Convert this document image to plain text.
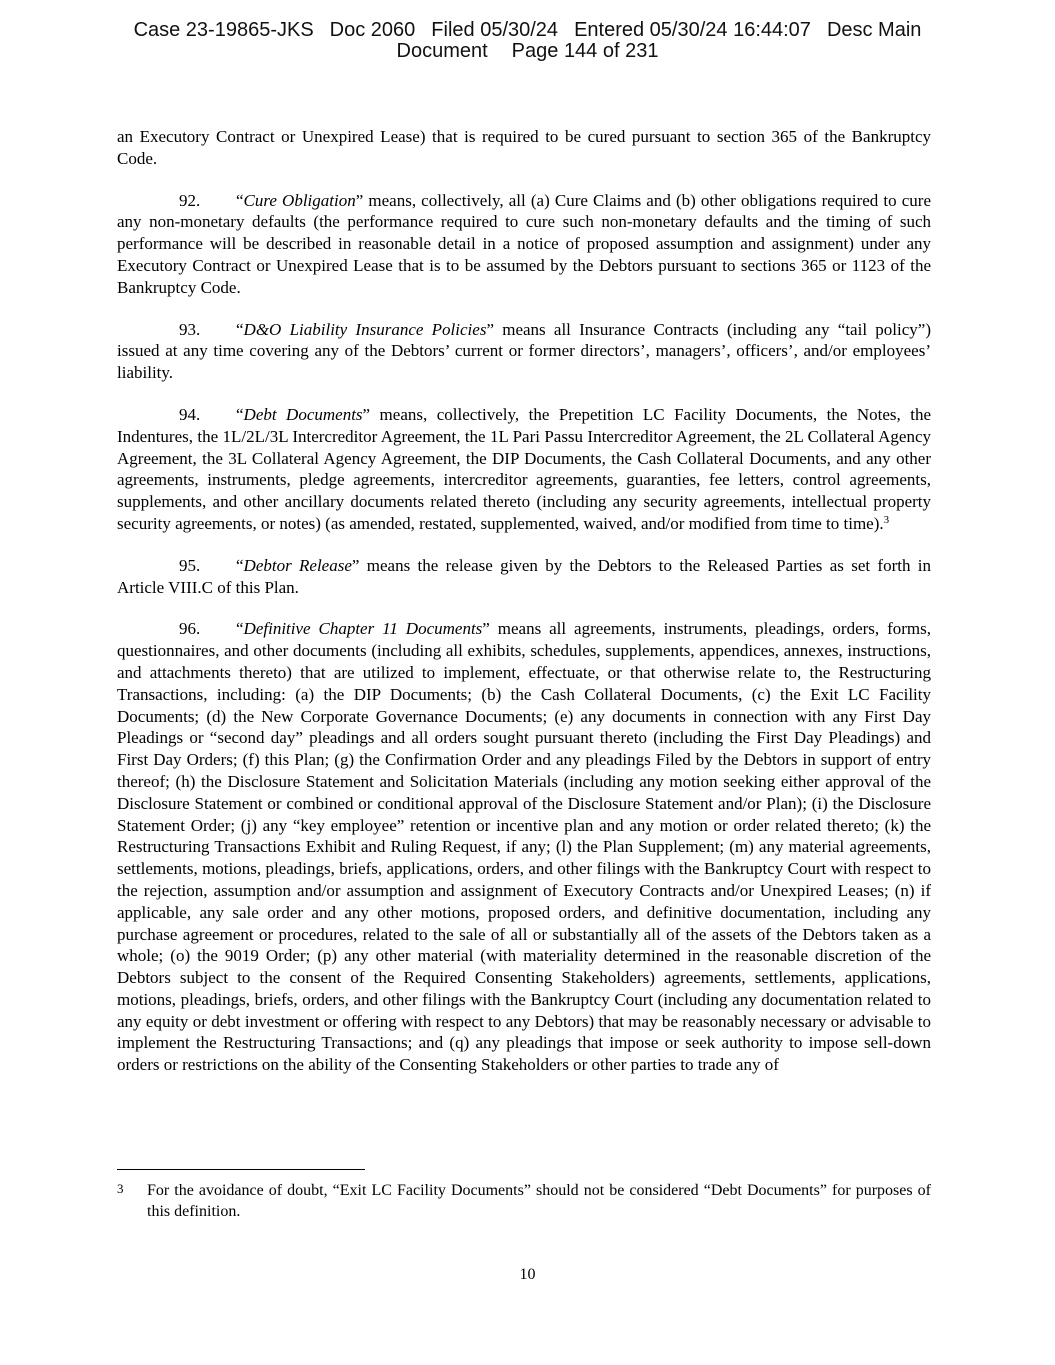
Case 23-19865-JKS Doc 2060 Filed 05/30/24 Entered 05/30/24 16:44:07 Desc Main
Document Page 144 of 231

an Executory Contract or Unexpired Lease) that is required to be cured pursuant to section 365 of the Bankruptcy Code.

92. “Cure Obligation” means, collectively, all (a) Cure Claims and (b) other obligations required to cure any non-monetary defaults (the performance required to cure such non-monetary defaults and the timing of such performance will be described in reasonable detail in a notice of proposed assumption and assignment) under any Executory Contract or Unexpired Lease that is to be assumed by the Debtors pursuant to sections 365 or 1123 of the Bankruptcy Code.

93. “D&O Liability Insurance Policies” means all Insurance Contracts (including any “tail policy”) issued at any time covering any of the Debtors’ current or former directors’, managers’, officers’, and/or employees’ liability.

94. “Debt Documents” means, collectively, the Prepetition LC Facility Documents, the Notes, the Indentures, the 1L/2L/3L Intercreditor Agreement, the 1L Pari Passu Intercreditor Agreement, the 2L Collateral Agency Agreement, the 3L Collateral Agency Agreement, the DIP Documents, the Cash Collateral Documents, and any other agreements, instruments, pledge agreements, intercreditor agreements, guaranties, fee letters, control agreements, supplements, and other ancillary documents related thereto (including any security agreements, intellectual property security agreements, or notes) (as amended, restated, supplemented, waived, and/or modified from time to time).$^3$

95. “Debtor Release” means the release given by the Debtors to the Released Parties as set forth in Article VIII.C of this Plan.

96. “Definitive Chapter 11 Documents” means all agreements, instruments, pleadings, orders, forms, questionnaires, and other documents (including all exhibits, schedules, supplements, appendices, annexes, instructions, and attachments thereto) that are utilized to implement, effectuate, or that otherwise relate to, the Restructuring Transactions, including: (a) the DIP Documents; (b) the Cash Collateral Documents, (c) the Exit LC Facility Documents; (d) the New Corporate Governance Documents; (e) any documents in connection with any First Day Pleadings or “second day” pleadings and all orders sought pursuant thereto (including the First Day Pleadings) and First Day Orders; (f) this Plan; (g) the Confirmation Order and any pleadings Filed by the Debtors in support of entry thereof; (h) the Disclosure Statement and Solicitation Materials (including any motion seeking either approval of the Disclosure Statement or combined or conditional approval of the Disclosure Statement and/or Plan); (i) the Disclosure Statement Order; (j) any “key employee” retention or incentive plan and any motion or order related thereto; (k) the Restructuring Transactions Exhibit and Ruling Request, if any; (l) the Plan Supplement; (m) any material agreements, settlements, motions, pleadings, briefs, applications, orders, and other filings with the Bankruptcy Court with respect to the rejection, assumption and/or assumption and assignment of Executory Contracts and/or Unexpired Leases; (n) if applicable, any sale order and any other motions, proposed orders, and definitive documentation, including any purchase agreement or procedures, related to the sale of all or substantially all of the assets of the Debtors taken as a whole; (o) the 9019 Order; (p) any other material (with materiality determined in the reasonable discretion of the Debtors subject to the consent of the Required Consenting Stakeholders) agreements, settlements, applications, motions, pleadings, briefs, orders, and other filings with the Bankruptcy Court (including any documentation related to any equity or debt investment or offering with respect to any Debtors) that may be reasonably necessary or advisable to implement the Restructuring Transactions; and (q) any pleadings that impose or seek authority to impose sell-down orders or restrictions on the ability of the Consenting Stakeholders or other parties to trade any of

3 For the avoidance of doubt, “Exit LC Facility Documents” should not be considered “Debt Documents” for purposes of this definition.
10
